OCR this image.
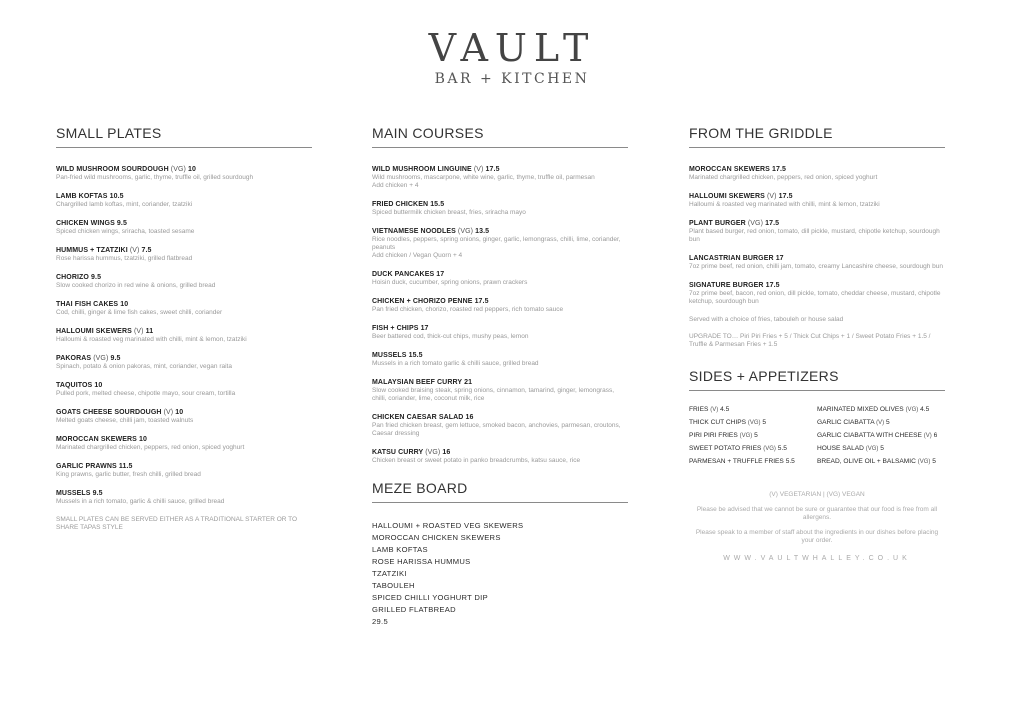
VAULT
BAR + KITCHEN
SMALL PLATES
WILD MUSHROOM SOURDOUGH (VG) 10
Pan-fried wild mushrooms, garlic, thyme, truffle oil, grilled sourdough
LAMB KOFTAS 10.5
Chargrilled lamb koftas, mint, coriander, tzatziki
CHICKEN WINGS 9.5
Spiced chicken wings, sriracha, toasted sesame
HUMMUS + TZATZIKI (V) 7.5
Rose harissa hummus, tzatziki, grilled flatbread
CHORIZO 9.5
Slow cooked chorizo in red wine & onions, grilled bread
THAI FISH CAKES 10
Cod, chilli, ginger & lime fish cakes, sweet chilli, coriander
HALLOUMI SKEWERS (V) 11
Halloumi & roasted veg marinated with chilli, mint & lemon, tzatziki
PAKORAS (VG) 9.5
Spinach, potato & onion pakoras, mint, coriander, vegan raita
TAQUITOS 10
Pulled pork, melted cheese, chipotle mayo, sour cream, tortilla
GOATS CHEESE SOURDOUGH (V) 10
Melted goats cheese, chilli jam, toasted walnuts
MOROCCAN SKEWERS 10
Marinated chargrilled chicken, peppers, red onion, spiced yoghurt
GARLIC PRAWNS 11.5
King prawns, garlic butter, fresh chilli, grilled bread
MUSSELS 9.5
Mussels in a rich tomato, garlic & chilli sauce, grilled bread
SMALL PLATES CAN BE SERVED EITHER AS A TRADITIONAL STARTER OR TO SHARE TAPAS STYLE
MAIN COURSES
WILD MUSHROOM LINGUINE (V) 17.5
Wild mushrooms, mascarpone, white wine, garlic, thyme, truffle oil, parmesan
Add chicken + 4
FRIED CHICKEN 15.5
Spiced buttermilk chicken breast, fries, sriracha mayo
VIETNAMESE NOODLES (VG) 13.5
Rice noodles, peppers, spring onions, ginger, garlic, lemongrass, chilli, lime, coriander, peanuts
Add chicken / Vegan Quorn + 4
DUCK PANCAKES 17
Hoisin duck, cucumber, spring onions, prawn crackers
CHICKEN + CHORIZO PENNE 17.5
Pan fried chicken, chorizo, roasted red peppers, rich tomato sauce
FISH + CHIPS 17
Beer battered cod, thick-cut chips, mushy peas, lemon
MUSSELS 15.5
Mussels in a rich tomato garlic & chilli sauce, grilled bread
MALAYSIAN BEEF CURRY 21
Slow cooked braising steak, spring onions, cinnamon, tamarind, ginger, lemongrass, chilli, coriander, lime, coconut milk, rice
CHICKEN CAESAR SALAD 16
Pan fried chicken breast, gem lettuce, smoked bacon, anchovies, parmesan, croutons, Caesar dressing
KATSU CURRY (VG) 16
Chicken breast or sweet potato in panko breadcrumbs, katsu sauce, rice
MEZE BOARD
HALLOUMI + ROASTED VEG SKEWERS
MOROCCAN CHICKEN SKEWERS
LAMB KOFTAS
ROSE HARISSA HUMMUS
TZATZIKI
TABOULEH
SPICED CHILLI YOGHURT DIP
GRILLED FLATBREAD
29.5
FROM THE GRIDDLE
MOROCCAN SKEWERS 17.5
Marinated chargrilled chicken, peppers, red onion, spiced yoghurt
HALLOUMI SKEWERS (V) 17.5
Halloumi & roasted veg marinated with chilli, mint & lemon, tzatziki
PLANT BURGER (VG) 17.5
Plant based burger, red onion, tomato, dill pickle, mustard, chipotle ketchup, sourdough bun
LANCASTRIAN BURGER 17
7oz prime beef, red onion, chilli jam, tomato, creamy Lancashire cheese, sourdough bun
SIGNATURE BURGER 17.5
7oz prime beef, bacon, red onion, dill pickle, tomato, cheddar cheese, mustard, chipotle ketchup, sourdough bun
Served with a choice of fries, tabouleh or house salad
UPGRADE TO… Piri Piri Fries + 5 / Thick Cut Chips + 1 / Sweet Potato Fries + 1.5 / Truffle & Parmesan Fries + 1.5
SIDES + APPETIZERS
FRIES (V) 4.5	MARINATED MIXED OLIVES (VG) 4.5
THICK CUT CHIPS (VG) 5	GARLIC CIABATTA (V) 5
PIRI PIRI FRIES (VG) 5	GARLIC CIABATTA WITH CHEESE (V) 6
SWEET POTATO FRIES (VG) 5.5	HOUSE SALAD (VG) 5
PARMESAN + TRUFFLE FRIES 5.5	BREAD, OLIVE OIL + BALSAMIC (VG) 5

(V) VEGETARIAN | (VG) VEGAN

Please be advised that we cannot be sure or guarantee that our food is free from all allergens.

Please speak to a member of staff about the ingredients in our dishes before placing your order.

WWW.VAULTWHALLEY.CO.UK
